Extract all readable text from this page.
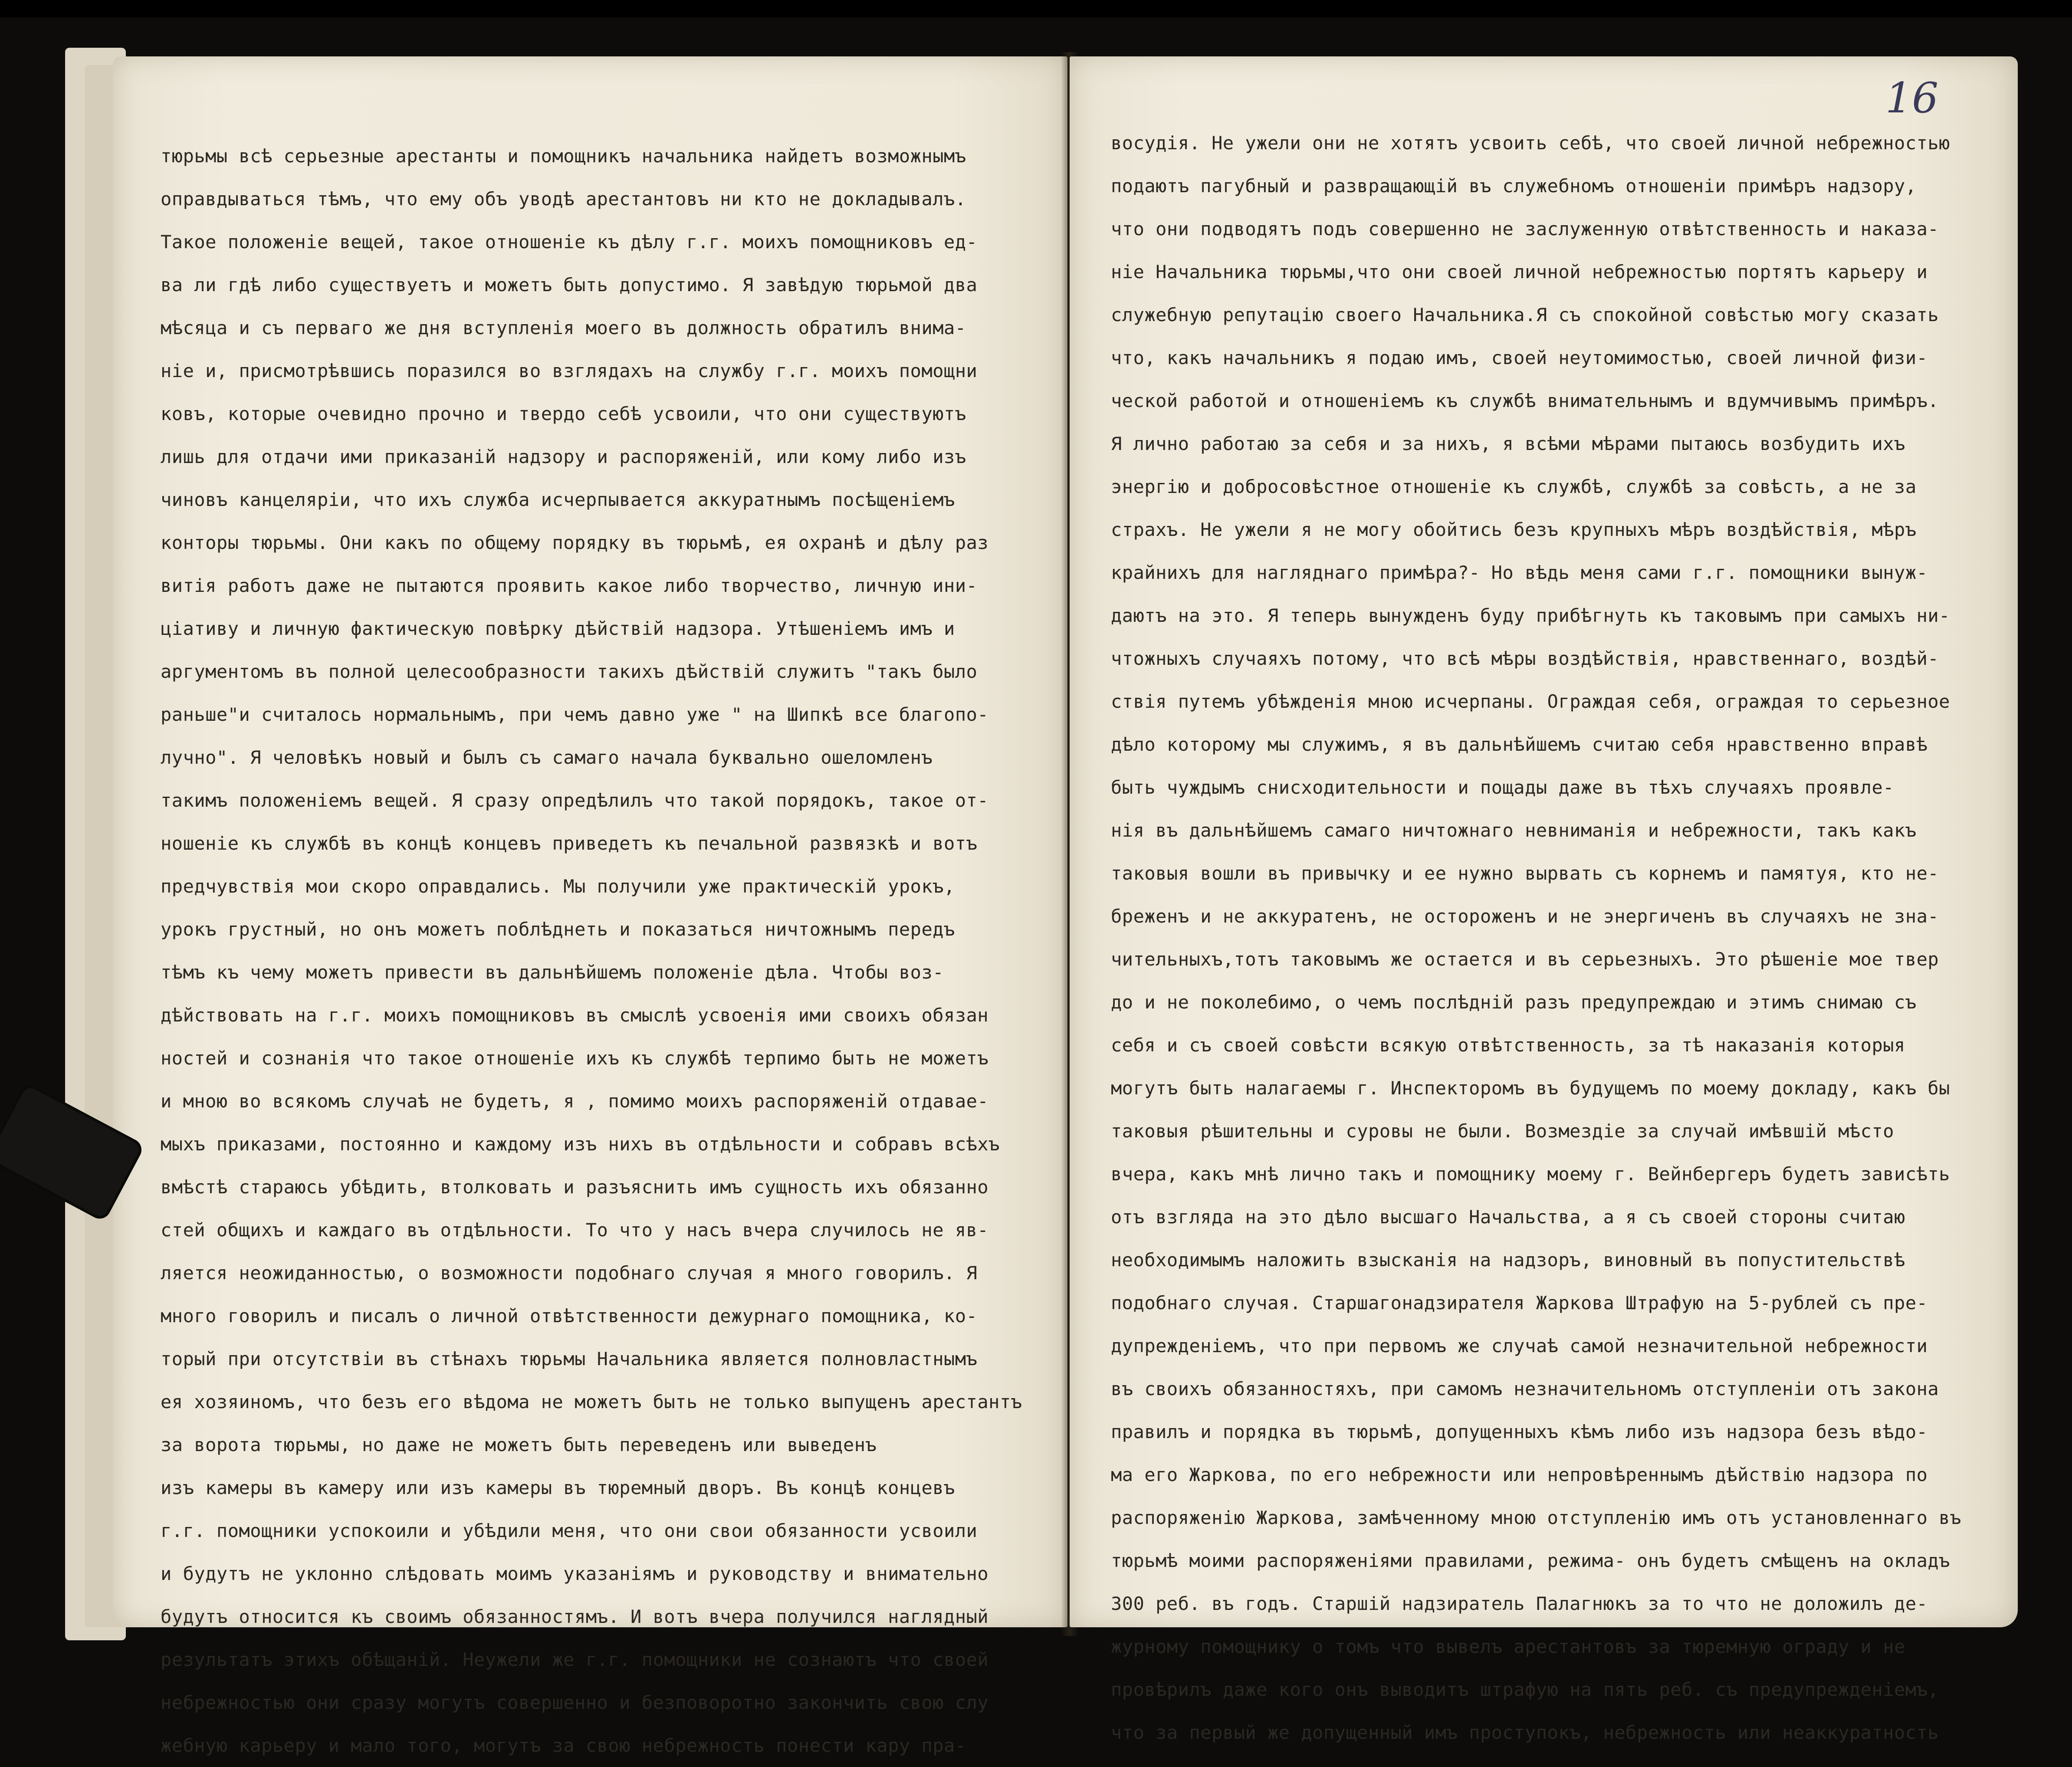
тюрьмы всѣ серьезные арестанты и помощникъ начальника найдетъ возможнымъ
оправдываться тѣмъ, что ему объ уводѣ арестантовъ ни кто не докладывалъ.
Такое положеніе вещей, такое отношеніе къ дѣлу г.г. моихъ помощниковъ ед-
ва ли гдѣ либо существуетъ и можетъ быть допустимо. Я завѣдую тюрьмой два
мѣсяца и съ перваго же дня вступленія моего въ должность обратилъ внима-
ніе и, присмотрѣвшись поразился во взглядахъ на службу г.г. моихъ помощни
ковъ, которые очевидно прочно и твердо себѣ усвоили, что они существуютъ
лишь для отдачи ими приказаній надзору и распоряженій, или кому либо изъ
чиновъ канцеляріи, что ихъ служба исчерпывается аккуратнымъ посѣщеніемъ
конторы тюрьмы. Они какъ по общему порядку въ тюрьмѣ, ея охранѣ и дѣлу раз
витія работъ даже не пытаются проявить какое либо творчество, личную ини-
ціативу и личную фактическую повѣрку дѣйствій надзора. Утѣшеніемъ имъ и
аргументомъ въ полной целесообразности такихъ дѣйствій служитъ "такъ было
раньше"и считалось нормальнымъ, при чемъ давно уже " на Шипкѣ все благопо-
лучно". Я человѣкъ новый и былъ съ самаго начала буквально ошеломленъ
такимъ положеніемъ вещей. Я сразу опредѣлилъ что такой порядокъ, такое от-
ношеніе къ службѣ въ концѣ концевъ приведетъ къ печальной развязкѣ и вотъ
предчувствія мои скоро оправдались. Мы получили уже практическій урокъ,
урокъ грустный, но онъ можетъ поблѣднеть и показаться ничтожнымъ передъ
тѣмъ къ чему можетъ привести въ дальнѣйшемъ положеніе дѣла. Чтобы воз-
дѣйствовать на г.г. моихъ помощниковъ въ смыслѣ усвоенія ими своихъ обязан
ностей и сознанія что такое отношеніе ихъ къ службѣ терпимо быть не можетъ
и мною во всякомъ случаѣ не будетъ, я , помимо моихъ распоряженій отдавае-
мыхъ приказами, постоянно и каждому изъ нихъ въ отдѣльности и собравъ всѣхъ
вмѣстѣ стараюсь убѣдить, втолковать и разъяснить имъ сущность ихъ обязанно
стей общихъ и каждаго въ отдѣльности. То что у насъ вчера случилось не яв-
ляется неожиданностью, о возможности подобнаго случая я много говорилъ. Я
много говорилъ и писалъ о личной отвѣтственности дежурнаго помощника, ко-
торый при отсутствіи въ стѣнахъ тюрьмы Начальника является полновластнымъ
ея хозяиномъ, что безъ его вѣдома не можетъ быть не только выпущенъ арестантъ
за ворота тюрьмы, но даже не можетъ быть переведенъ или выведенъ
изъ камеры въ камеру или изъ камеры въ тюремный дворъ. Въ концѣ концевъ
г.г. помощники успокоили и убѣдили меня, что они свои обязанности усвоили
и будутъ не уклонно слѣдовать моимъ указаніямъ и руководству и внимательно
будутъ относится къ своимъ обязанностямъ. И вотъ вчера получился наглядный
результатъ этихъ обѣщаній. Неужели же г.г. помощники не сознаютъ что своей
небрежностью они сразу могутъ совершенно и безповоротно закончить свою слу
жебную карьеру и мало того, могутъ за свою небрежность понести кару пра-
16
восудія. Не ужели они не хотятъ усвоить себѣ, что своей личной небрежностью
подаютъ пагубный и развращающій въ служебномъ отношеніи примѣръ надзору,
что они подводятъ подъ совершенно не заслуженную отвѣтственность и наказа-
ніе Начальника тюрьмы,что они своей личной небрежностью портятъ карьеру и
служебную репутацію своего Начальника.Я съ спокойной совѣстью могу сказать
что, какъ начальникъ я подаю имъ, своей неутомимостью, своей личной физи-
ческой работой и отношеніемъ къ службѣ внимательнымъ и вдумчивымъ примѣръ.
Я лично работаю за себя и за нихъ, я всѣми мѣрами пытаюсь возбудить ихъ
энергію и добросовѣстное отношеніе къ службѣ, службѣ за совѣсть, а не за
страхъ. Не ужели я не могу обойтись безъ крупныхъ мѣръ воздѣйствія, мѣръ
крайнихъ для нагляднаго примѣра?- Но вѣдь меня сами г.г. помощники вынуж-
даютъ на это. Я теперь вынужденъ буду прибѣгнуть къ таковымъ при самыхъ ни-
чтожныхъ случаяхъ потому, что всѣ мѣры воздѣйствія, нравственнаго, воздѣй-
ствія путемъ убѣжденія мною исчерпаны. Ограждая себя, ограждая то серьезное
дѣло которому мы служимъ, я въ дальнѣйшемъ считаю себя нравственно вправѣ
быть чуждымъ снисходительности и пощады даже въ тѣхъ случаяхъ проявле-
нія въ дальнѣйшемъ самаго ничтожнаго невниманія и небрежности, такъ какъ
таковыя вошли въ привычку и ее нужно вырвать съ корнемъ и памятуя, кто не-
бреженъ и не аккуратенъ, не остороженъ и не энергиченъ въ случаяхъ не зна-
чительныхъ,тотъ таковымъ же остается и въ серьезныхъ. Это рѣшеніе мое твер
до и не поколебимо, о чемъ послѣдній разъ предупреждаю и этимъ снимаю съ
себя и съ своей совѣсти всякую отвѣтственность, за тѣ наказанія которыя
могутъ быть налагаемы г. Инспекторомъ въ будущемъ по моему докладу, какъ бы
таковыя рѣшительны и суровы не были. Возмездіе за случай имѣвшій мѣсто
вчера, какъ мнѣ лично такъ и помощнику моему г. Вейнбергеръ будетъ зависѣть
отъ взгляда на это дѣло высшаго Начальства, а я съ своей стороны считаю
необходимымъ наложить взысканія на надзоръ, виновный въ попустительствѣ
подобнаго случая. Старшагонадзирателя Жаркова Штрафую на 5-рублей съ пре-
дупрежденіемъ, что при первомъ же случаѣ самой незначительной небрежности
въ своихъ обязанностяхъ, при самомъ незначительномъ отступленіи отъ закона
правилъ и порядка въ тюрьмѣ, допущенныхъ кѣмъ либо изъ надзора безъ вѣдо-
ма его Жаркова, по его небрежности или непровѣреннымъ дѣйствію надзора по
распоряженію Жаркова, замѣченному мною отступленію имъ отъ установленнаго въ
тюрьмѣ моими распоряженіями правилами, режима- онъ будетъ смѣщенъ на окладъ
300 реб. въ годъ. Старшій надзиратель Палагнюкъ за то что не доложилъ де-
журному помощнику о томъ что вывелъ арестантовъ за тюремную ограду и не
провѣрилъ даже кого онъ выводитъ штрафую на пять реб. съ предупрежденіемъ,
что за первый же допущенный имъ проступокъ, небрежность или неаккуратность
